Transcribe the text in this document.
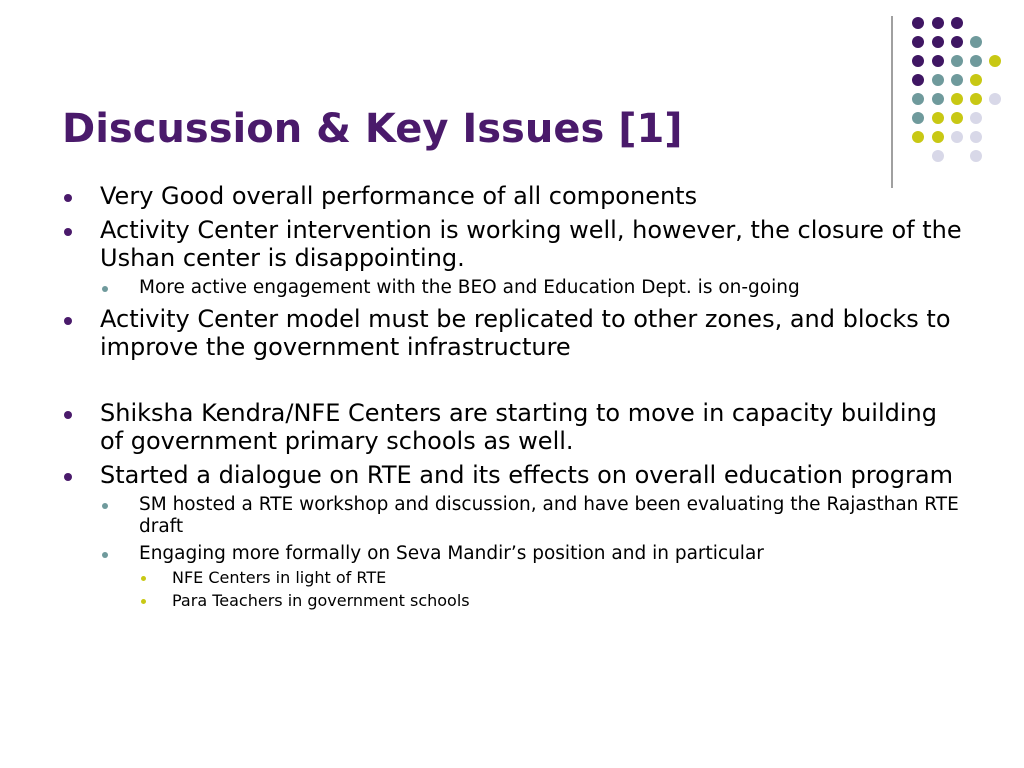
Discussion & Key Issues [1]
Very Good overall performance of all components
Activity Center intervention is working well, however, the closure of the Ushan center is disappointing.
More active engagement with the BEO and Education Dept. is on-going
Activity Center model must be replicated to other zones, and blocks to improve the government infrastructure
Shiksha Kendra/NFE Centers are starting to move in capacity building of government primary schools as well.
Started a dialogue on RTE and its effects on overall education program
SM hosted a RTE workshop and discussion, and have been evaluating the Rajasthan RTE draft
Engaging more formally on Seva Mandir’s position and in particular
NFE Centers in light of RTE
Para Teachers in government schools
